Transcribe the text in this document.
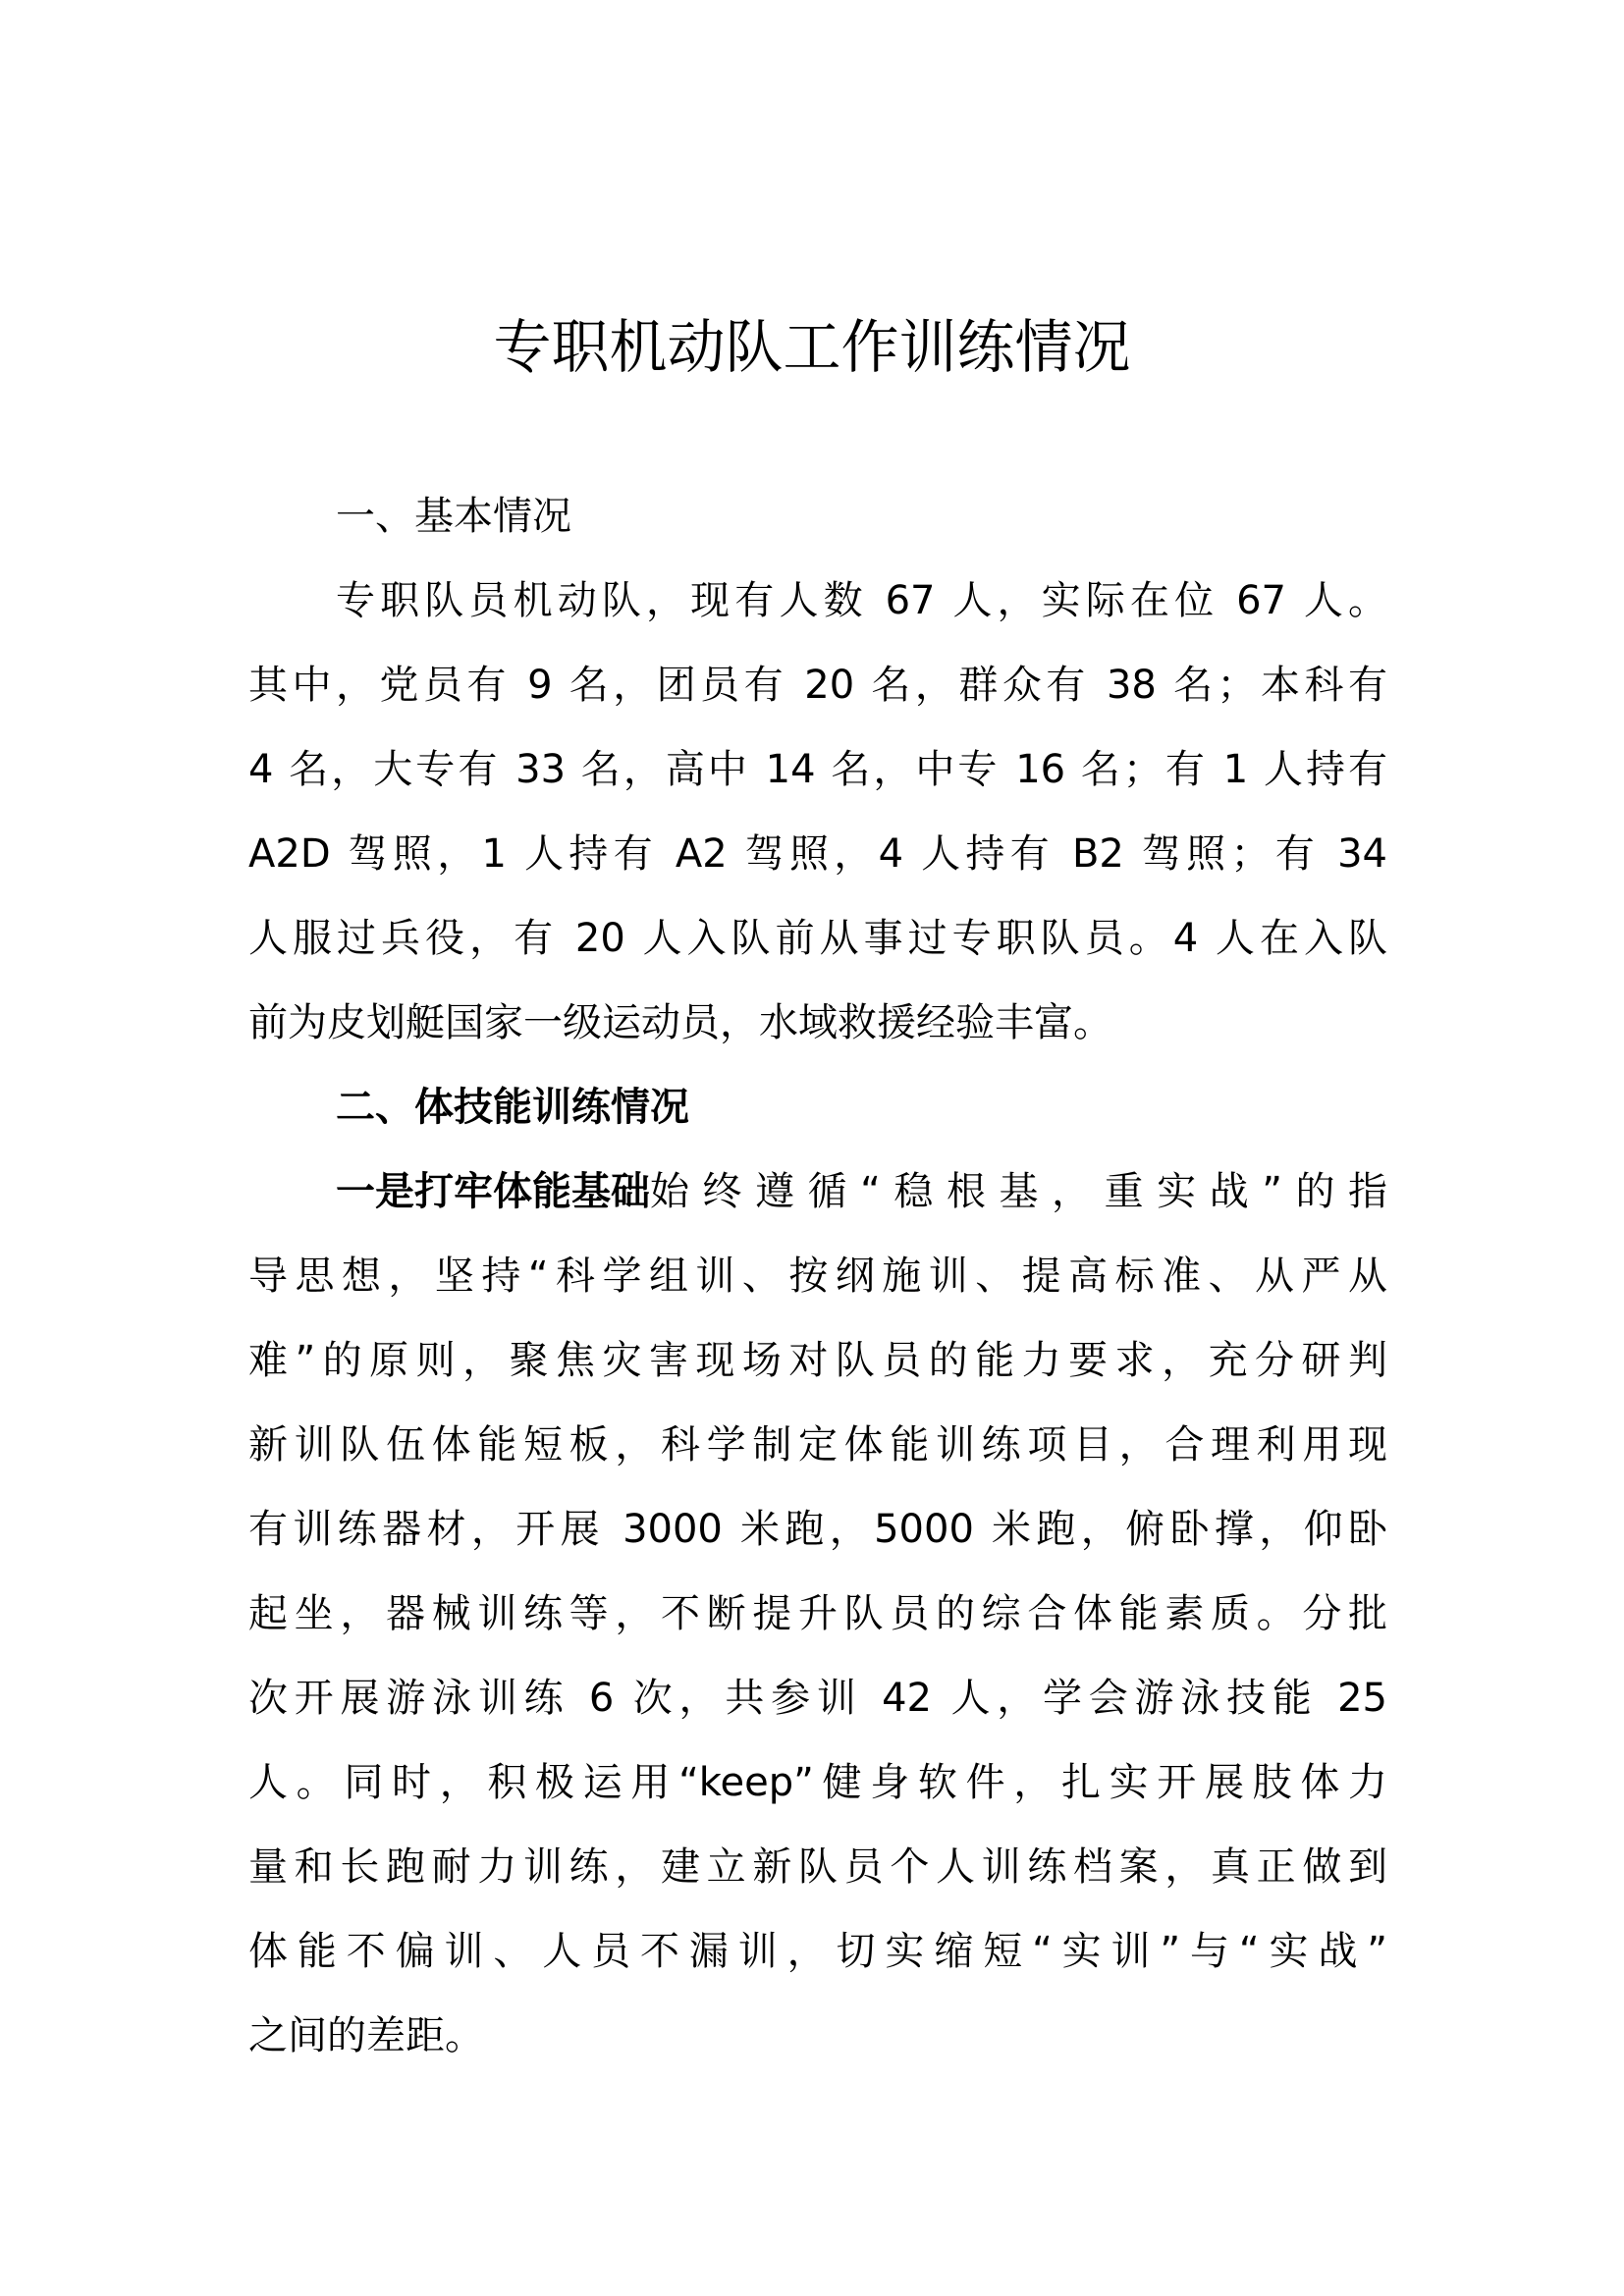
专职机动队工作训练情况
一、基本情况
专职队员机动队，现有人数 67 人，实际在位 67 人。
其中，党员有 9 名，团员有 20 名，群众有 38 名；本科有
4 名，大专有 33 名，高中 14 名，中专 16 名；有 1 人持有
A2D 驾照，1 人持有 A2 驾照，4 人持有 B2 驾照；有 34
人服过兵役，有 20 人入队前从事过专职队员。4 人在入队
前为皮划艇国家一级运动员，水域救援经验丰富。
二、体技能训练情况
一是打牢体能基础 始终遵循“稳根基，重实战”的指
导思想，坚持“科学组训、按纲施训、提高标准、从严从
难”的原则，聚焦灾害现场对队员的能力要求，充分研判
新训队伍体能短板，科学制定体能训练项目，合理利用现
有训练器材，开展 3000 米跑，5000 米跑，俯卧撑，仰卧
起坐，器械训练等，不断提升队员的综合体能素质。分批
次开展游泳训练 6 次，共参训 42 人，学会游泳技能 25
人。同时，积极运用“keep”健身软件，扎实开展肢体力
量和长跑耐力训练，建立新队员个人训练档案，真正做到
体能不偏训、人员不漏训，切实缩短“实训”与“实战”
之间的差距。
